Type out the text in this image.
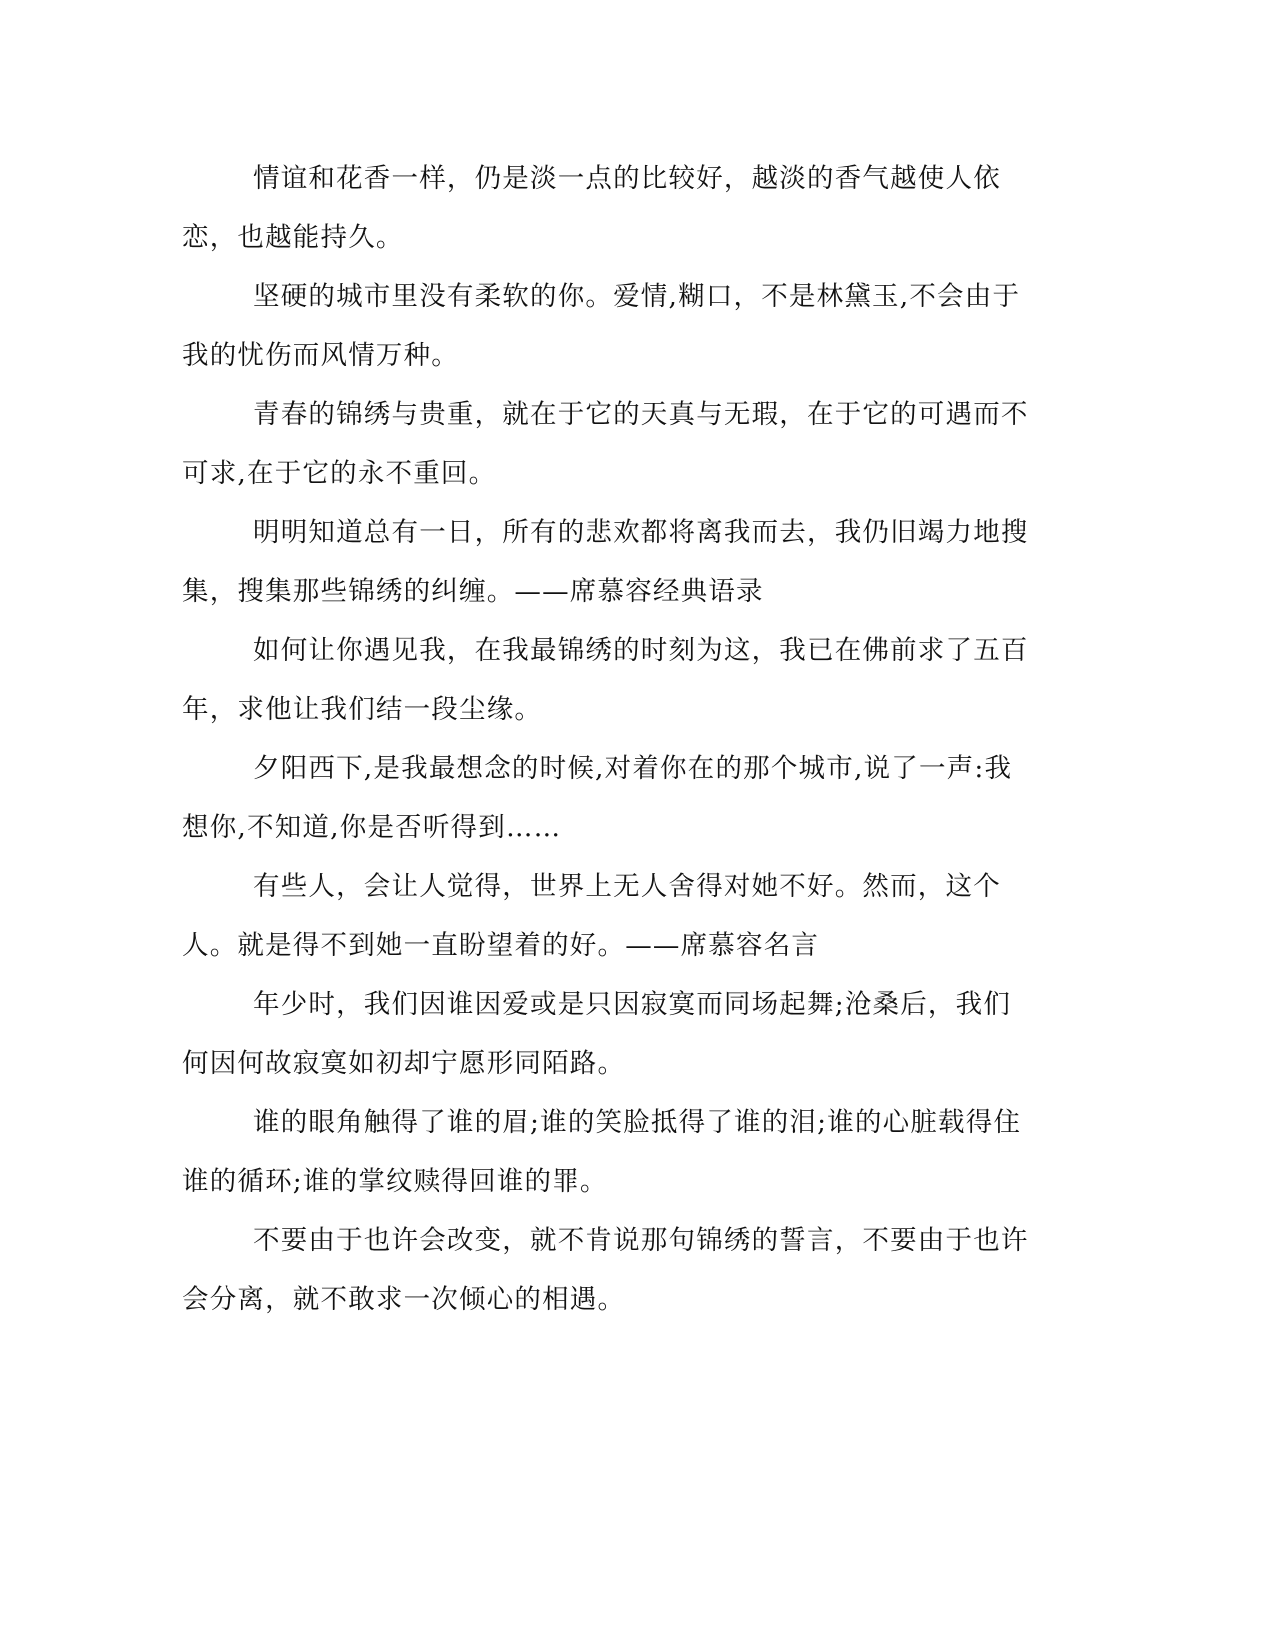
情谊和花香一样，仍是淡一点的比较好，越淡的香气越使人依恋，也越能持久。

坚硬的城市里没有柔软的你。爱情,糊口，不是林黛玉,不会由于我的忧伤而风情万种。

青春的锦绣与贵重，就在于它的天真与无瑕，在于它的可遇而不可求,在于它的永不重回。

明明知道总有一日，所有的悲欢都将离我而去，我仍旧竭力地搜集，搜集那些锦绣的纠缠。——席慕容经典语录

如何让你遇见我，在我最锦绣的时刻为这，我已在佛前求了五百年，求他让我们结一段尘缘。

夕阳西下,是我最想念的时候,对着你在的那个城市,说了一声:我想你,不知道,你是否听得到……

有些人，会让人觉得，世界上无人舍得对她不好。然而，这个人。就是得不到她一直盼望着的好。——席慕容名言

年少时，我们因谁因爱或是只因寂寞而同场起舞;沧桑后，我们何因何故寂寞如初却宁愿形同陌路。

谁的眼角触得了谁的眉;谁的笑脸抵得了谁的泪;谁的心脏载得住谁的循环;谁的掌纹赎得回谁的罪。

不要由于也许会改变，就不肯说那句锦绣的誓言，不要由于也许会分离，就不敢求一次倾心的相遇。
